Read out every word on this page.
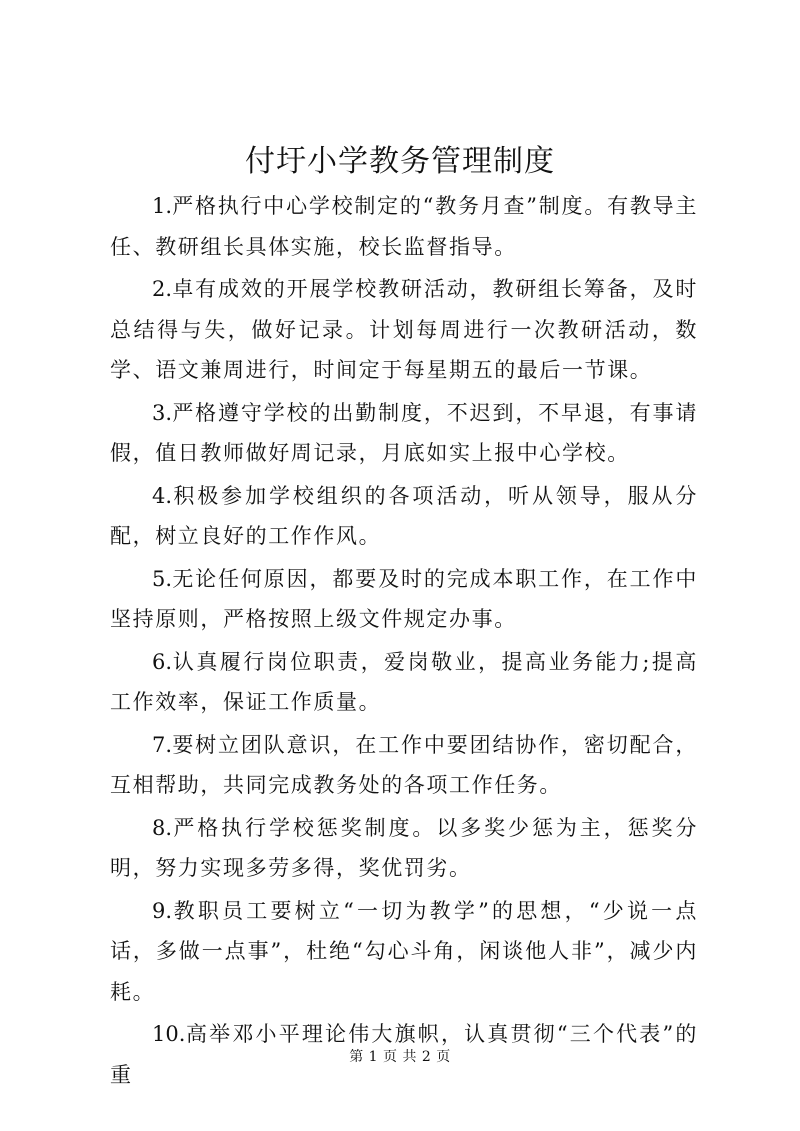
付圩小学教务管理制度

1.严格执行中心学校制定的“教务月查”制度。有教导主任、教研组长具体实施，校长监督指导。

2.卓有成效的开展学校教研活动，教研组长筹备，及时总结得与失，做好记录。计划每周进行一次教研活动，数学、语文兼周进行，时间定于每星期五的最后一节课。

3.严格遵守学校的出勤制度，不迟到，不早退，有事请假，值日教师做好周记录，月底如实上报中心学校。

4.积极参加学校组织的各项活动，听从领导，服从分配，树立良好的工作作风。

5.无论任何原因，都要及时的完成本职工作，在工作中坚持原则，严格按照上级文件规定办事。

6.认真履行岗位职责，爱岗敬业，提高业务能力;提高工作效率，保证工作质量。

7.要树立团队意识，在工作中要团结协作，密切配合，互相帮助，共同完成教务处的各项工作任务。

8.严格执行学校惩奖制度。以多奖少惩为主，惩奖分明，努力实现多劳多得，奖优罚劣。

9.教职员工要树立“一切为教学”的思想，“少说一点话，多做一点事”，杜绝“勾心斗角，闲谈他人非”，减少内耗。

10.高举邓小平理论伟大旗帜，认真贯彻“三个代表”的重

第 1 页 共 2 页
